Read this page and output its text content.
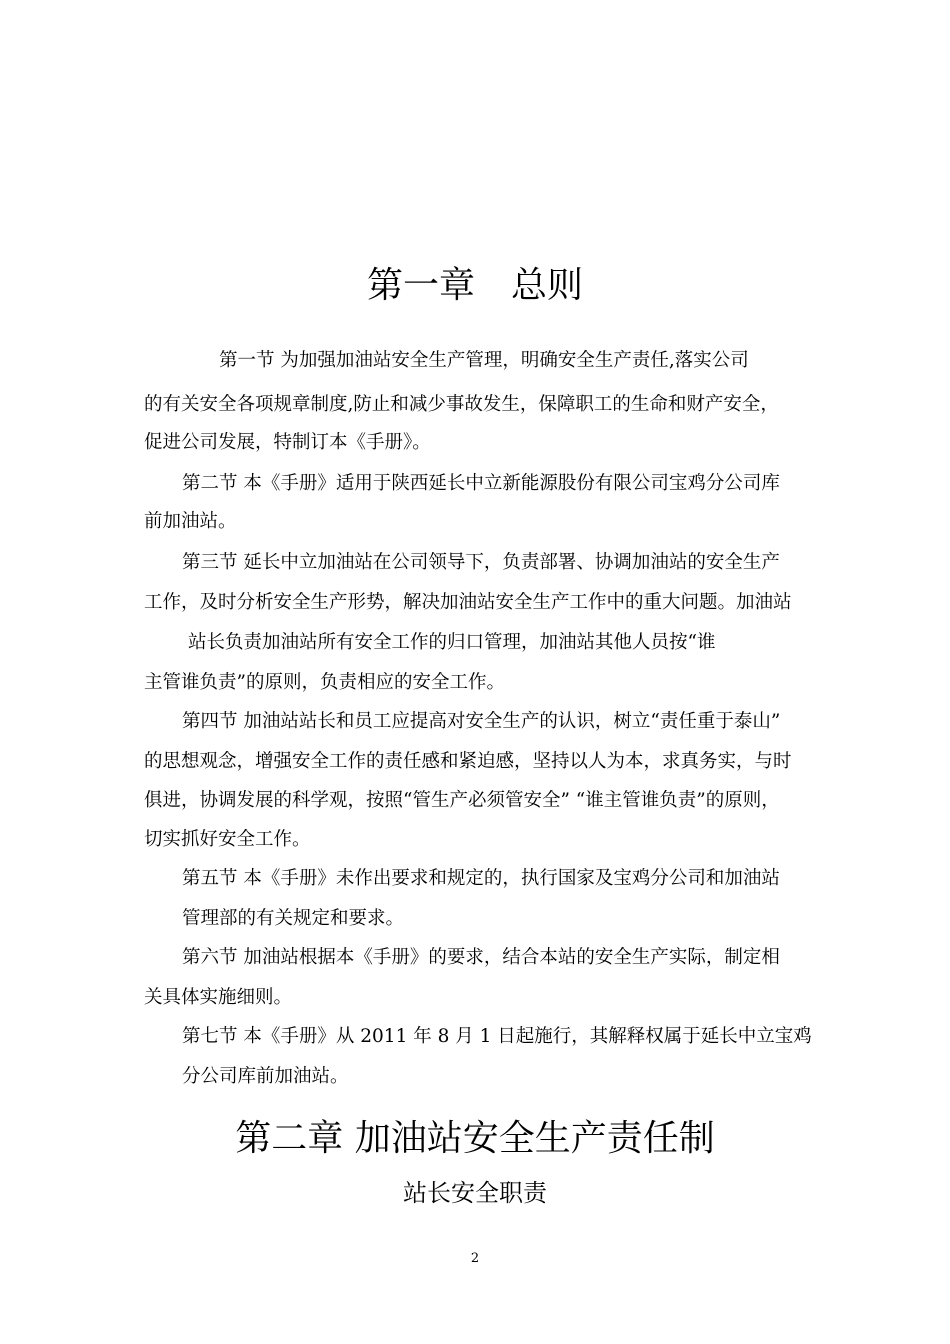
第一章 总则
第一节 为加强加油站安全生产管理，明确安全生产责任,落实公司
的有关安全各项规章制度,防止和减少事故发生，保障职工的生命和财产安全，
促进公司发展，特制订本《手册》。
第二节 本《手册》适用于陕西延长中立新能源股份有限公司宝鸡分公司库
前加油站。
第三节 延长中立加油站在公司领导下，负责部署、协调加油站的安全生产
工作，及时分析安全生产形势，解决加油站安全生产工作中的重大问题。加油站
站长负责加油站所有安全工作的归口管理，加油站其他人员按“谁
主管谁负责”的原则，负责相应的安全工作。
第四节 加油站站长和员工应提高对安全生产的认识，树立“责任重于泰山”
的思想观念，增强安全工作的责任感和紧迫感，坚持以人为本，求真务实，与时
俱进，协调发展的科学观，按照“管生产必须管安全” “谁主管谁负责”的原则，
切实抓好安全工作。
第五节 本《手册》未作出要求和规定的，执行国家及宝鸡分公司和加油站
管理部的有关规定和要求。
第六节 加油站根据本《手册》的要求，结合本站的安全生产实际，制定相
关具体实施细则。
第七节 本《手册》从 2011 年 8 月 1 日起施行，其解释权属于延长中立宝鸡
分公司库前加油站。
第二章 加油站安全生产责任制
站长安全职责
2
